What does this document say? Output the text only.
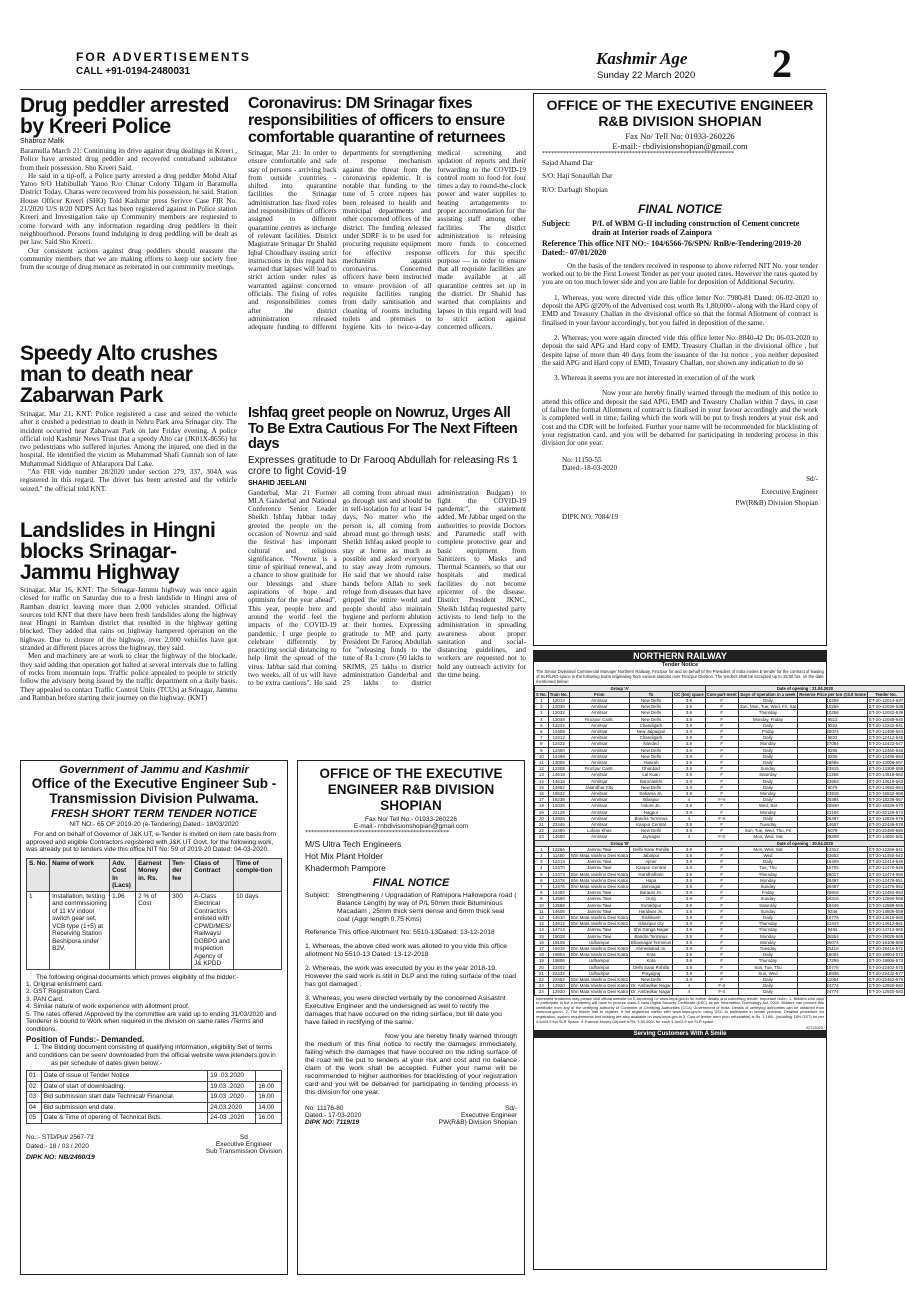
FOR ADVERTISEMENTS
CALL +91-0194-2480031
Kashmir Age
Sunday 22 March 2020 2
Drug peddler arrested by Kreeri Police
Shabroz Malik

Baramulla March 21: Continuing its drive against drug dealings in Kreeri , Police have arrested drug peddler and recovered contraband substance from their possession. Sho Kreeri Said.

He said in a tip-off, a Police party arrested a drug peddler Mohd Altaf Yatoo S/O Habibullah Yatoo R/o Chinar Colony Tilgam in Baramulla District Today. Charas were recovered from his possession, he said. Station House Officer Kreeri (SHO) Told Kashmir press Serivce Case FIR No. 21/2020 U/S 8/20 NDPS Act has been registered against in Police station Kreeri and Investigation take up Community members are requested to come forward with any information regarding drug peddlers in their neighbourhood. Persons found indulging in drug peddling will be dealt as per law. Said Sho Kreeri.

Our consistent actions against drug peddlers should reassure the community members that we are making efforts to keep our society free from the scourge of drug menace as reiterated in our community meetings.

Speedy Alto crushes man to death near Zabarwan Park

Srinagar, Mar 21, KNT: Police registered a case and seized the vehicle after it crushed a pedestrian to death in Nehru Park area Srinagar city. The incident occurred near Zabarwan Park on late Friday evening. A police official told Kashmir News Trust that a speedy Alto car (JK01X-8656) hit two pedestrians who suffered injuries. Among the injured, one died in the hospital. He identified the victim as Muhammad Shafi Gunnah son of late Muhammad Siddique of Ahlarapora Dal Lake.

"An FIR vide number 28/2020 under section 279, 337, 304A was registered in this regard. The driver has been arrested and the vehicle seized," the official told KNT.

Landslides in Hingni blocks Srinagar-Jammu Highway

Srinagar, Mar 16, KNT: The Srinagar-Jammu highway was once again closed for traffic on Saturday due to a fresh landslide in Hingni area of Ramban district leaving more than 2,000 vehicles stranded. Official sources told KNT that there have been fresh landslides along the highway near Hingni in Ramban district that resulted in the highway getting blocked. They added that rains on highway hampered operation on the highway. Due to closure of the highway, over 2,000 vehicles have got stranded at different places across the highway, they said.

Men and machinery are at work to clear the highway of the blockade, they said adding that operation got halted at several intervals due to falling of rocks from mountain tops. Traffic police appealed to people to strictly follow the advisory being issued by the traffic department on a daily basis. They appealed to contact Traffic Control Units (TCUs) at Srinagar, Jammu and Ramban before starting their journey on the highway. (KNT)

Coronavirus: DM Srinagar fixes responsibilities of officers to ensure comfortable quarantine of returnees
Srinagar, Mar 21: In order to ensure comfortable and safe stay of persons - arriving back from outside countries - shifted into quarantine facilities the Srinagar administration has fixed roles and responsibilities of officers assigned to different quarantine centres as incharge of relevant facilities. District Magistrate Srinagar Dr Shahid Iqbal Choudhary issuing strict instructions in this regard has warned that lapses will lead to strict action under rules as warranted against concerned officials. The fixing of roles and responsibilities comes after the district administration released adequate funding to different departments for strengthening of response mechanism against the threat from the coronavirus epidemic. It is notable that funding to the tune of 5 crore rupees has been released to health and municipal departments and other concerned offices of the district. The funding released under SDRF is to be used for procuring requisite equipment for effective response mechanism against coronavirus. Concerned officers have been instructed to ensure provision of all requisite facilities ranging from daily sanitisation and cleaning of rooms including toilets and premises to hygiene kits to twice-a-day medical screening and updation of reports and their forwarding to the COVID-19 control room to food for four times a day to round-the-clock power and water supplies to heating arrangements to proper accommodation for the assisting staff among other facilities. The district administration is releasing more funds to concerned officers for this specific purpose — in order to ensure that all requisite facilities are made available at all quarantine centres set up in the district. Dr Shahid has warned that complaints and lapses in this regard will lead to strict action against concerned officers.
Ishfaq greet people on Nowruz, Urges All To Be Extra Cautious For The Next Fifteen days
Expresses gratitude to Dr Farooq Abdullah for releasing Rs 1 crore to fight Covid-19
SHAHID JEELANI
Ganderbal, Mar 21 Former MLA Ganderbal and National Conference Senior Leader Sheikh Ishfaq Jabbar today greeted the people on the occasion of Nowruz and said the festival has important cultural and religious significance. "Nowruz is a time of spiritual renewal, and a chance to show gratitude for our blessings and share aspirations of hope and optimism for the year ahead". This year, people here and around the world feel the impacts of the COVID-19 pandemic. I urge people to celebrate differently by practicing social distancing to help limit the spread of the virus. Jabbar said that coming two weeks, all of us will have to be extra cautious". He said all coming from abroad must go through test and should be in self-isolation for at least 14 days, No matter who the person is, all coming from abroad must go through tests. Sheikh Ishfaq asked people to stay at home as much as possible and asked everyone to stay away from rumours. He said that we should raise hands before Allah to seek refuge from diseases that have gripped the entire world and people should also maintain hygiene and perform ablution at their homes. Expressing gratitude to MP and party President Dr Farooq Abdullah for "releasing funds to the tune of Rs 1 crore (50 lakhs to SKIMS, 25 lakhs to district administration Ganderbal and 25 lakhs to district administration Budgam) to fight the COVID-19 pandemic", the statement added. Mr Jabbar urged on the authorities to provide Doctors and Paramedic staff with complete protective gear and basic equipment from Sanitizers to Masks and Thermal Scanners, so that our hospitals and medical facilities do not become epicenter of the disease. District President JKNC, Sheikh Ishfaq requested party activists to lend help to the administration in spreading awareness about proper sanitation and social-distancing guidelines, and workers are requested not to hold any outreach activity for the time being.
OFFICE OF THE EXECUTIVE ENGINEER R&B DIVISION SHOPIAN
Fax No/ Tell No: 01933-260226
E-mail:- rbdivisionshopian@gmail.com
****************************************************************
Sajad Ahamd Dar
S/O: Haji Sonaullah Dar
R/O: Darbagh Shopian
FINAL NOTICE
Subject:	P/L of WBM G-II including construction of Cement concrete drain at Interior roads of Zainpora
Reference This office NIT NO:- 104/6566-76/SPN/ RnB/e-Tendering/2019-20 Dated:- 07/01/2020
On the basis of the tenders received in response to above referred NIT No. your tender worked out to be the First Lowest Tender as per your quoted rates. However the rates quoted by you are on too much lower side and you are liable for deposition of Additional Security.
1. Whereas, you were directed vide this office letter No: 7980-81 Dated: 06-02-2020 to deposit the APG @20% of the Advertised cost worth Rs 1,80,000/- along with the Hard copy of EMD and Treasury Challan in the divisional office so that the formal Allotment of contract is finalised in your favour accordingly, but you failed in deposition of the same.
2. Whereas, you were again directed vide this office letter No: 8840-42 Dt: 06-03-2020 to deposit the said APG and Hard copy of EMD, Treasury Challan in the divisional office , but despite lapse of more than 40 days from the issuance of the 1st notice , you neither deposited the said APG and Hard copy of EMD, Treasury Challan, nor shown any indication to do so
3. Whereas it seems you are not interested in execution of of the work
Now your are hereby finally warned through the medium of this notice to attend this office and deposit the said APG, EMD and Treasury Challan within 7 days, in case of failure the formal Allotment of contract is finalised in your favour accordingly and the work is completed well in time, failing which the work will be put to fresh tenders at your risk and cost and the CDR will be forfeited. Further your name will be recommended for blacklisting of your registration card, and you will be debarred for participating in tendering process in this division for one year.
No: 11150-55
Dated:-18-03-2020
Sd/-
Executive Engineer
PW(R&B) Division Shopian
DIPK NO. 7084/19
NORTHERN RAILWAY
Tender Notice
The Senior Divisional Commercial Manager Northern Railway, Firozpur for and on behalf of the President of India invites E-tender for the contract of leasing of SLR/LRD space in the following trains originating from various stations over Firozpur Division. The tenders shall be accepted up to 15:00 hrs. on the date mentioned below:
Group 'A'					Date of opening : 21.04.2020			
S No.	Train No.	From	To	CC (ton) space	Com-part-ment	Days of operation in a week	Reserve Price per ton @3.9 tonne	Tender No.
1	12014	Amritsar	New Delhi	3.9	F	Daily	10256	ET-20-12014-537
2	12030	Amritsar	New Delhi	3.9	F	Sun, Mon, Tue, Wed, Fri, Sat	10256	ET-20-12030-538
3	12032	Amritsar	New Delhi	3.9	F	Thursday	10256	ET-20-12032-539
4	12048	Firozpur Cantt.	New Delhi	3.9	F	Monday, Friday	9513	ET-20-12048-540
5	12242	Amritsar	Chandigarh	3.9	F	Daily	5822	ET-20-12242-541
6	12408	Amritsar	New Jalpaiguri	3.9	F	Friday	26074	ET-20-12408-544
7	12412	Amritsar	Chandigarh	3.9	F	Daily	5822	ET-20-12412-545
8	12422	Amritsar	Nanded	3.9	F	Monday	27084	ET-20-12422-547
9	12460	Amritsar	New Delhi	3.9	F	Daily	8205	ET-20-12460-548
10	12498	Amritsar	New Delhi	3.9	F	Daily	8205	ET-20-12498-584
11	13006	Amritsar	Howrah	3.9	F	Daily	26685	ET-20-13006-557
12	13308	Firozpur Cantt.	Dhanbad	3.9	F	Sunday	23915	ET-20-13308-558
13	14618	Amritsar	Lal Kuan	3.9	F	Saturday	11356	ET-20-14618-562
14	14618	Amritsar	Banmankhi	3.9	F	Daily	23652	ET-20-14618-563
15	14682	Jalandhar City	New Delhi	3.9	F	Daily	6079	ET-20-14682-564
16	15532	Amritsar	Saharsa Jn.	3.9	F	Monday	23915	ET-20-15532-568
17	18238	Amritsar	Bilaspur	4	F-II	Daily	20384	ET-20-18238-567
18	19326	Amritsar	Indore Jn.	3.9	F	Wed, Sat	20830	ET-20-19326-570
19	22126	Amritsar	Nagpur	3.9	F	Monday	23184	ET-20-22126-574
20	12826	Amritsar	Bandra Terminus	4	F-II	Daily	26497	ET-20-12826-576
21	22446	Amritsar	Kanpur Central	3.9	F	Tuesday	14657	ET-20-22446-578
22	22480	Lohian Khas	New Delhi	3.9	F	Sun, Tue, Wed, Thu, Fri	6079	ET-20-22480-580
23	14650	Amritsar	Jaynagar	4	F-II	Mon, Wed, Sat	25308	ET-20-14650-581
Group 'B'					Date of opening : 30.04.2020			
1	12266	Jammu Tawi	Delhi Sarai Rohilla	3.9	F	Mon, Wed, Sat	12312	ET-20-12266-541
2	11450	Shri Mata Vaishno Devi Katra	Jabalpur	3.9	F	Wed	23652	ET-20-11450-542
3	12414	Jammu Tawi	Ajmer	3.9	F	Daily	16409	ET-20-12414-546
4	12470	Jammu Tawi	Kanpur Central	3.9	F	Tue, Thu	16705	ET-20-12470-549
5	12474	Shri Mata Vaishno Devi Katra	Gandhidham	3.9	F	Thursday	26017	ET-20-12474-550
6	12478	Shri Mata Vaishno Devi Katra	Hapa	3.9	F	Monday	26497	ET-20-12478-551
7	12476	Shri Mata Vaishno Devi Katra	Jamnagar	3.9	F	Sunday	26497	ET-20-12476-552
8	12492	Jammu Tawi	Barauni Jn.	3.9	F	Friday	29915	ET-20-12492-553
9	12590	Jammu Tawi	Durg	3.9	F	Sunday	26315	ET-20-12590-555
10	12588	Jammu Tawi	Gorakhpur	3.9	F	Saturday	18449	ET-20-12588-556
11	14606	Jammu Tawi	Haridwar Jn.	3.9	F	Sunday	9346	ET-20-14606-559
12	14610	Shri Mata Vaishno Devi Katra	Rishikesh	3.9	F	Daily	10776	ET-20-14610-560
13	14612	Shri Mata Vaishno Devi Katra	Ghazipur city	3.9	F	Thursday	21447	ET-20-14612-561
14	14714	Jammu Tawi	Shri Ganga Nagar	3.9	F	Thursday	9484	ET-20-14714-565
15	19028	Jammu Tawi	Bandra Terminus	3.9	F	Monday	26554	ET-20-19028-569
16	19108	Udhampur	Bhavnagar Terminus	3.9	F	Monday	26074	ET-20-19108-569
17	19416	Shri Mata Vaishno Devi Katra	Ahmedabad Jn.	3.9	F	Tuesday	25115	ET-20-19416-571
18	19804	Shri Mata Vaishno Devi Katra	Kota	3.9	F	Daily	18054	ET-20-19804-572
19	19806	Udhampur	Kota	3.9	F	Thursday	17299	ET-20-19806-573
20	22402	Udhampur	Delhi Sarai Rohilla	3.9	F	Sun, Tue, Thu	10776	ET-20-22402-575
21	22432	Udhampur	Prayagraj	3.9	F	Sun, Wed	19836	ET-20-22432-577
22	22462	Shri Mata Vaishno Devi Katra	New Delhi	3.9	F	Daily	11084	ET-20-22462-579
23	12920	Shri Mata Vaishno Devi Katra	Dr. Ambedkar Nagar	4	F-II	Daily	24774	ET-20-12920-582
24	12920	Shri Mata Vaishno Devi Katra	Dr. Ambedkar Nagar	4	F-II	Daily	24774	ET-20-12920-583
Interested tenderers may please visit official website for E-tendering i.e www.ireps.gov.in for further details and submitting tender. Important Note:- 1. Bidders who wish to participate in the e-tendering will have to procure class-3 valid Digital Security Certificate (DSC) as per Information Technology Act, 2000. Bidders can procure this certificate from any of the certifying authority of Controller of Certifying Authorities (CCA) Government of India. Details of certifying authorities can be obtained from www.cca.gov.in. 2. The bidder has to register, if not registered earlier with www.ireps.gov.in using DSC to participate in tender process. Detailed procedure for registration, system requirements and bidding are also available on www.ireps.gov.in 3. Cost of tender form (non-refundable) is Rs. 1,180/- (including 18% GST) for per 4-ton/3.9 ton SLR Space. 4. Earnest Money Deposit is Rs. 1,90,000/- for each 4-ton/3.9 ton SLR space.
871/2020
Serving Customers With A Smile
Government of Jammu and Kashmir
Office of the Executive Engineer Sub - Transmission Division Pulwama.
FRESH SHORT TERM TENDER NOTICE
NIT NO:- 65 OF 2019-20 (e-Tendering) Dated:- 18/03/2020
For and on behalf of Governor of J&K UT, e-Tender is invited on item rate basis from approved and eligible Contractors registered with J&K UT Govt. for the following work, was already put to tenders vide this office NIT No: 59 of 2019-20 Dated: 04-03-2020.
S. No.	Name of work	Adv. Cost In (Lacs)	Earnest Money in. Rs.	Ten-der fee	Class of Contract	Time of comple-tion
1	Installation, testing and commissioning of 11 kV indoor switch gear set, VCB type (1+5) at Receiving Station Beshipora under B2V.	1.96	2 % of Cost	300	A-Class Electrical Contractors enlisted with CPWD/MES/ Railways/ DGBPO and Inspection Agency of J& KPDD	10 days
The following original documents which proves eligibility of the bidder:-
1. Original enlistment card.
2. GST Registration Card.
3. PAN Card.
4. Similar nature of work experience with allotment proof.
5. The rates offered /Approved by the committee are valid up to ending 31/03/2020 and Tenderer is bound to Work when required in the division on same rates /Terms and conditions.
Position of Funds:- Demanded.
1. The Bidding document consisting of qualifying information, eligibility Set of terms and conditions can be seen/ downloaded from the official website www.jktenders.gov.in
as per schedule of dates given below:-
01	Date of issue of Tender Notice	19 .03.2020	
02	Date of start of downloading.	19.03 .2020	16.00
03	Bid submission start date Technical/ Financial.	19.03 .2020	16.00
04	Bid submission end date.	24.03.2020	14.00
05	Date & Time of opening of Technical Bids.	24-03 .2020	16.00
No.:- STD/Pul/ 2567-73
Dated:- 18 / 03 / 2020
DIPK NO: NB/2460/19
Sd
Executive Engineer
Sub Transmission Division
OFFICE OF THE EXECUTIVE ENGINEER R&B DIVISION SHOPIAN
Fax No/ Tell No:- 01933-260226
E-mail:- rnbdivisionshopian@gmail.com
************************************************
M/S Ultra Tech Engineers
Hot Mix Plant Holder
Khadermoh Pampore
FINAL NOTICE
Subject:	Strengthening / Upgradation of Ratnipora Hallowpora road ( Balance Length) by way of P/L 50mm thick Bituminious Macadam , 25mm thick semi dense and 6mm thick seal coat (Aggr length 0.75 Kms)
Reference This office Allotment No: 5510-13Dated: 13-12-2018
1. Whereas, the above cited work was alloted to you vide this office allotment No 5510-13 Dated: 13-12-2018
2. Whereas, the work was executed by you in the year 2018-19. However the said work is still in DLP and the riding surface of the road has got damaged .
3. Whereas, you were directed verbally by the concerned Asisastnt Executive Engineer and the undersigned as well to rectify the damages that have occured on the riding surface, but till date you have failed in rectifying of the same.
Now you are hereby finally warned through the medium of this final notice to rectify the damages immediately, failing which the damages that have occured on the riding surface of the road will be put to tenders at your risk and cost and no balance claim of the work shall be accepted. Futher your name will be recommended to higher authorities for blacklisting of your registration card and you will be debarred for participating in tending process in this division for one year.
No: 11176-80
Dated:- 17-03-2020
DIPK NO: 7119/19
Sd/-
Executive Engineer
PW(R&B) Division Shopian
